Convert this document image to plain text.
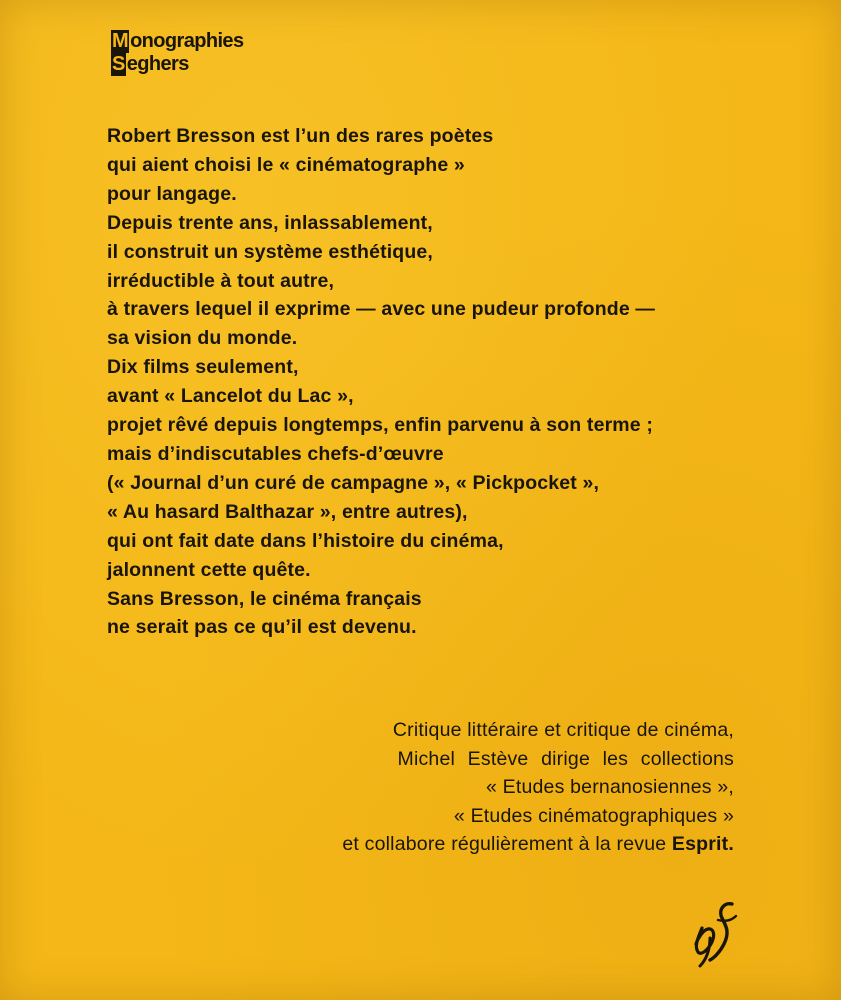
M onographies
S eghers
Robert Bresson est l’un des rares poètes
qui aient choisi le « cinématographe »
pour langage.
Depuis trente ans, inlassablement,
il construit un système esthétique,
irréductible à tout autre,
à travers lequel il exprime — avec une pudeur profonde —
sa vision du monde.
Dix films seulement,
avant « Lancelot du Lac »,
projet rêvé depuis longtemps, enfin parvenu à son terme ;
mais d’indiscutables chefs-d’œuvre
(« Journal d’un curé de campagne », « Pickpocket »,
« Au hasard Balthazar », entre autres),
qui ont fait date dans l’histoire du cinéma,
jalonnent cette quête.
Sans Bresson, le cinéma français
ne serait pas ce qu’il est devenu.
Critique littéraire et critique de cinéma,
Michel Estève dirige les collections
« Etudes bernanosiennes »,
« Etudes cinématographiques »
et collabore régulièrement à la revue Esprit.
